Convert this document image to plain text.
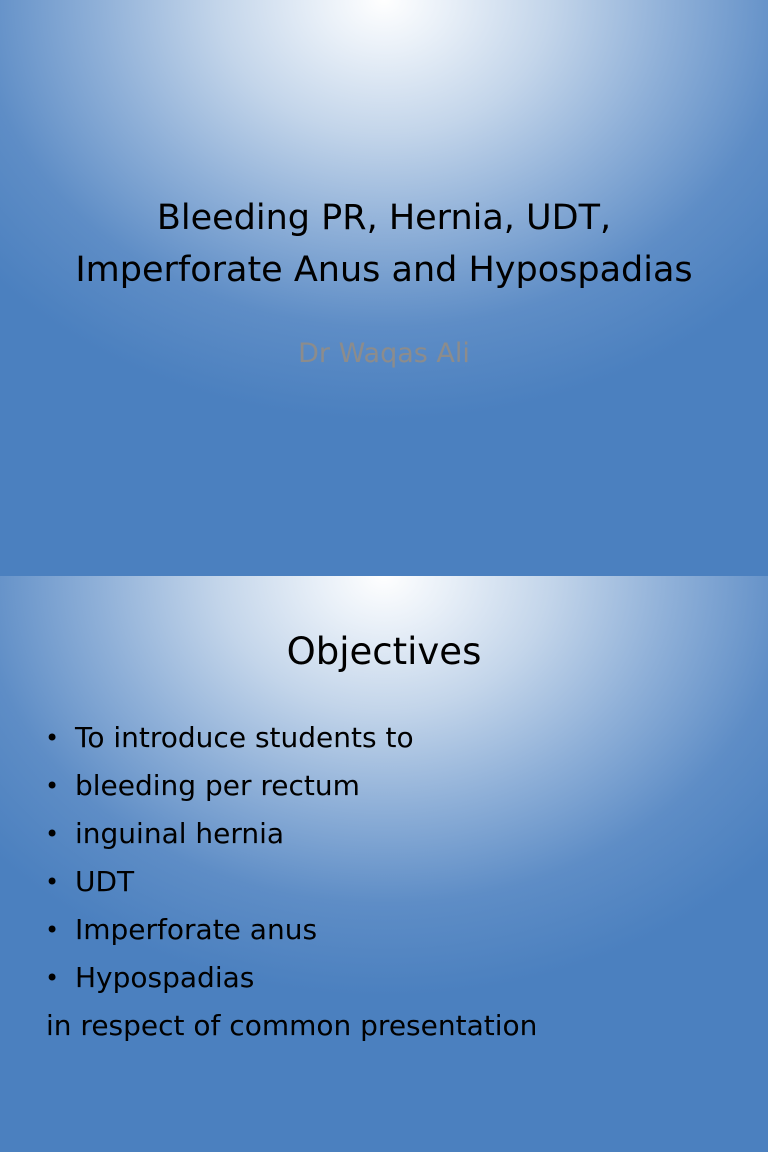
Bleeding PR, Hernia, UDT,
Imperforate Anus and Hypospadias
Dr Waqas Ali
Objectives
• To introduce students to
• bleeding per rectum
• inguinal hernia
• UDT
• Imperforate anus
• Hypospadias
in respect of common presentation
